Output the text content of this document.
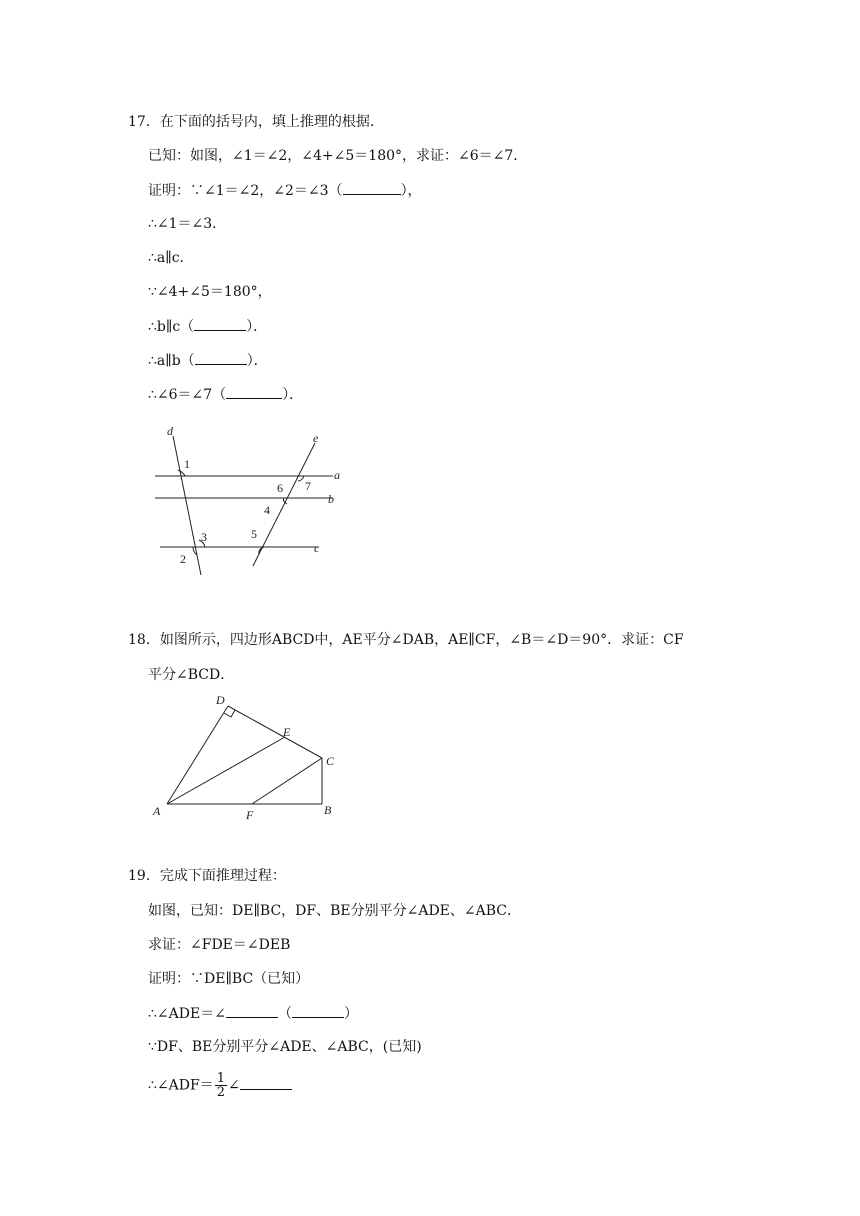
17．在下面的括号内，填上推理的根据．
已知：如图，∠1＝∠2，∠4+∠5＝180°，求证：∠6＝∠7．
证明：∵∠1＝∠2，∠2＝∠3（	），
∴∠1＝∠3．
∴a∥c．
∵∠4+∠5＝180°，
∴b∥c（	）．
∴a∥b（	）．
∴∠6＝∠7（	）．
d	e
a
b
c
1
2
3
4
5
6 7
18．如图所示，四边形ABCD中，AE平分∠DAB，AE∥CF，∠B＝∠D＝90°．求证：CF
平分∠BCD．
D
E
C
B
A	F
19．完成下面推理过程：
如图，已知：DE∥BC，DF、BE分别平分∠ADE、∠ABC．
求证：∠FDE＝∠DEB
证明：∵DE∥BC（已知）
∴∠ADE＝∠	（	）
∵DF、BE分别平分∠ADE、∠ABC，(已知)
∴∠ADF＝ $\frac{1}{2}$ ∠
